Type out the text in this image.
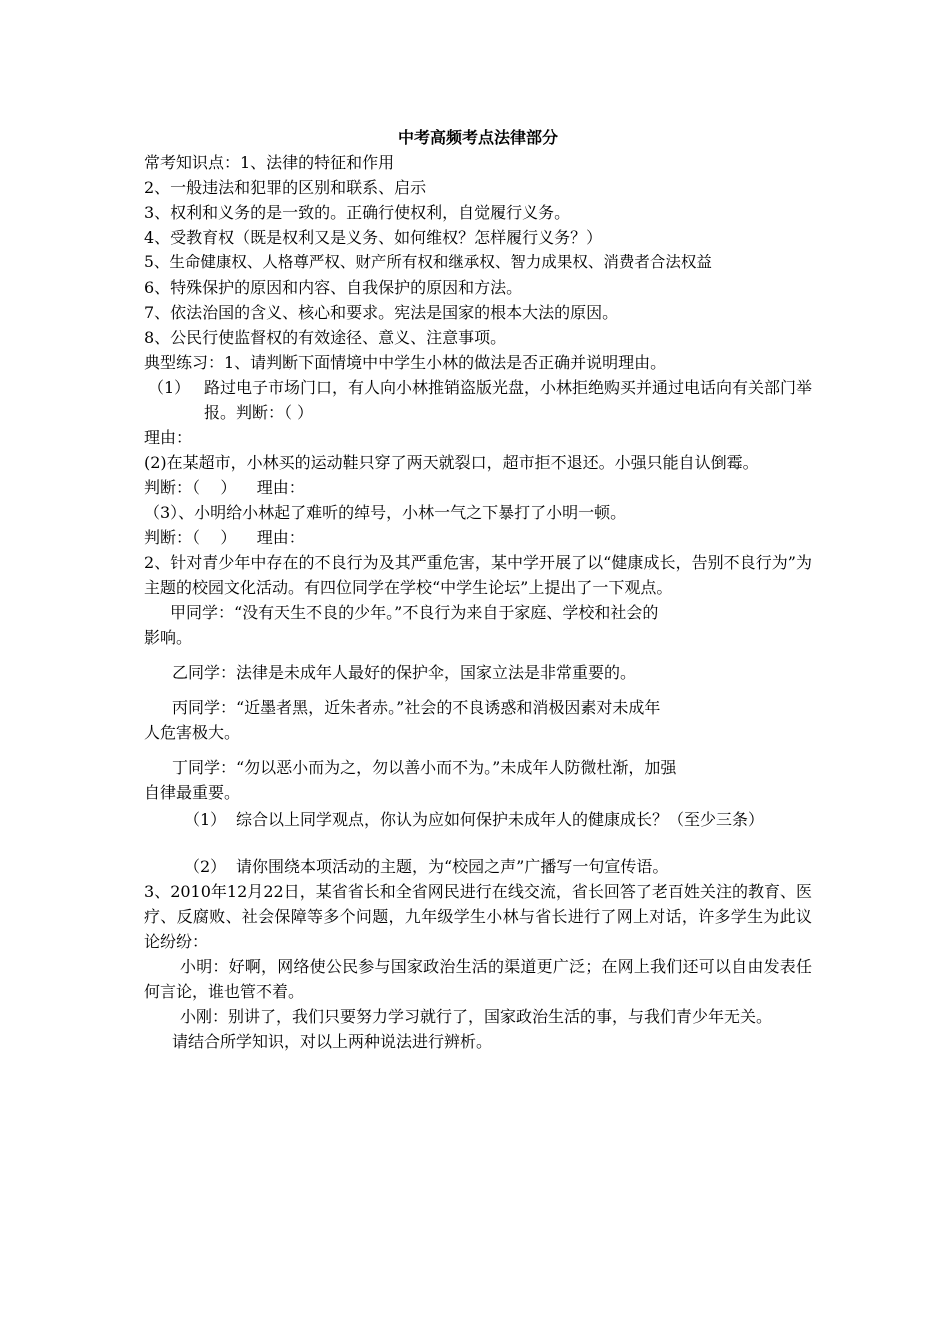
中考高频考点法律部分
常考知识点：1、法律的特征和作用
2、一般违法和犯罪的区别和联系、启示
3、权利和义务的是一致的。正确行使权利，自觉履行义务。
4、受教育权（既是权利又是义务、如何维权？怎样履行义务？）
5、生命健康权、人格尊严权、财产所有权和继承权、智力成果权、消费者合法权益
6、特殊保护的原因和内容、自我保护的原因和方法。
7、依法治国的含义、核心和要求。宪法是国家的根本大法的原因。
8、公民行使监督权的有效途径、意义、注意事项。
典型练习：1、请判断下面情境中中学生小林的做法是否正确并说明理由。
（1） 路过电子市场门口，有人向小林推销盗版光盘，小林拒绝购买并通过电话向有关部门举报。判断：（ ）
理由：
(2)在某超市，小林买的运动鞋只穿了两天就裂口，超市拒不退还。小强只能自认倒霉。
判断：（    ）    理由：
（3）、小明给小林起了难听的绰号，小林一气之下暴打了小明一顿。
判断：（    ）    理由：
2、针对青少年中存在的不良行为及其严重危害，某中学开展了以“健康成长，告别不良行为”为主题的校园文化活动。有四位同学在学校“中学生论坛”上提出了一下观点。
甲同学：“没有天生不良的少年。”不良行为来自于家庭、学校和社会的
影响。
乙同学：法律是未成年人最好的保护伞，国家立法是非常重要的。
丙同学：“近墨者黑，近朱者赤。”社会的不良诱惑和消极因素对未成年
人危害极大。
丁同学：“勿以恶小而为之，勿以善小而不为。”未成年人防微杜渐，加强
自律最重要。
（1） 综合以上同学观点，你认为应如何保护未成年人的健康成长？（至少三条）
（2） 请你围绕本项活动的主题，为“校园之声”广播写一句宣传语。
3、2010年12月22日，某省省长和全省网民进行在线交流，省长回答了老百姓关注的教育、医疗、反腐败、社会保障等多个问题，九年级学生小林与省长进行了网上对话，许多学生为此议论纷纷：
小明：好啊，网络使公民参与国家政治生活的渠道更广泛；在网上我们还可以自由发表任何言论，谁也管不着。
小刚：别讲了，我们只要努力学习就行了，国家政治生活的事，与我们青少年无关。
请结合所学知识，对以上两种说法进行辨析。
